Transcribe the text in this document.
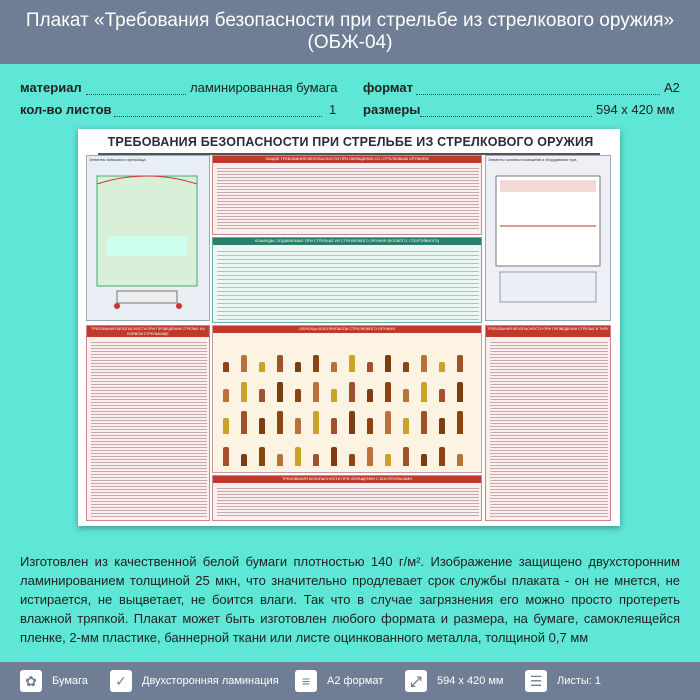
Плакат «Требования безопасности при стрельбе из стрелкового оружия»
(ОБЖ-04)
материал	ламинированная бумага
кол-во листов	1
формат	A2
размеры	594 x 420 мм
ТРЕБОВАНИЯ БЕЗОПАСНОСТИ ПРИ СТРЕЛЬБЕ ИЗ СТРЕЛКОВОГО ОРУЖИЯ
Элементы войскового стрельбища	ОБЩИЕ ТРЕБОВАНИЯ БЕЗОПАСНОСТИ ПРИ ОБРАЩЕНИИ СО СТРЕЛКОВЫМ ОРУЖИЕМ
КОМАНДЫ, ПОДАВАЕМЫЕ ПРИ СТРЕЛЬБЕ ИЗ СТРЕЛКОВОГО ОРУЖИЯ (БОЕВОГО, СПОРТИВНОГО)
Элементы основных помещений и оборудования тира
ТРЕБОВАНИЯ БЕЗОПАСНОСТИ ПРИ ПРОВЕДЕНИИ СТРЕЛЬБ НА БОЕВОМ СТРЕЛЬБИЩЕ
ОБРАЗЦЫ БОЕПРИПАСОВ СТРЕЛКОВОГО ОРУЖИЯ
ТРЕБОВАНИЯ БЕЗОПАСНОСТИ ПРИ ОБРАЩЕНИИ С БОЕПРИПАСАМИ
ТРЕБОВАНИЯ БЕЗОПАСНОСТИ ПРИ ПРОВЕДЕНИИ СТРЕЛЬБ В ТИРЕ
Изготовлен из качественной белой бумаги плотностью 140 г/м². Изображение защищено двухсторонним ламинированием толщиной 25 мкн, что значительно продлевает срок службы плаката - он не мнется, не истирается, не выцветает, не боится влаги. Так что в случае загрязнения его можно просто протереть влажной тряпкой. Плакат может быть изготовлен любого формата и размера, на бумаге, самоклеящейся пленке, 2-мм пластике, баннерной ткани или листе оцинкованного металла, толщиной 0,7 мм
✿	Бумага	✓	Двухсторонняя ламинация	≡	А2 формат	⤢	594 x 420 мм	☰	Листы: 1
